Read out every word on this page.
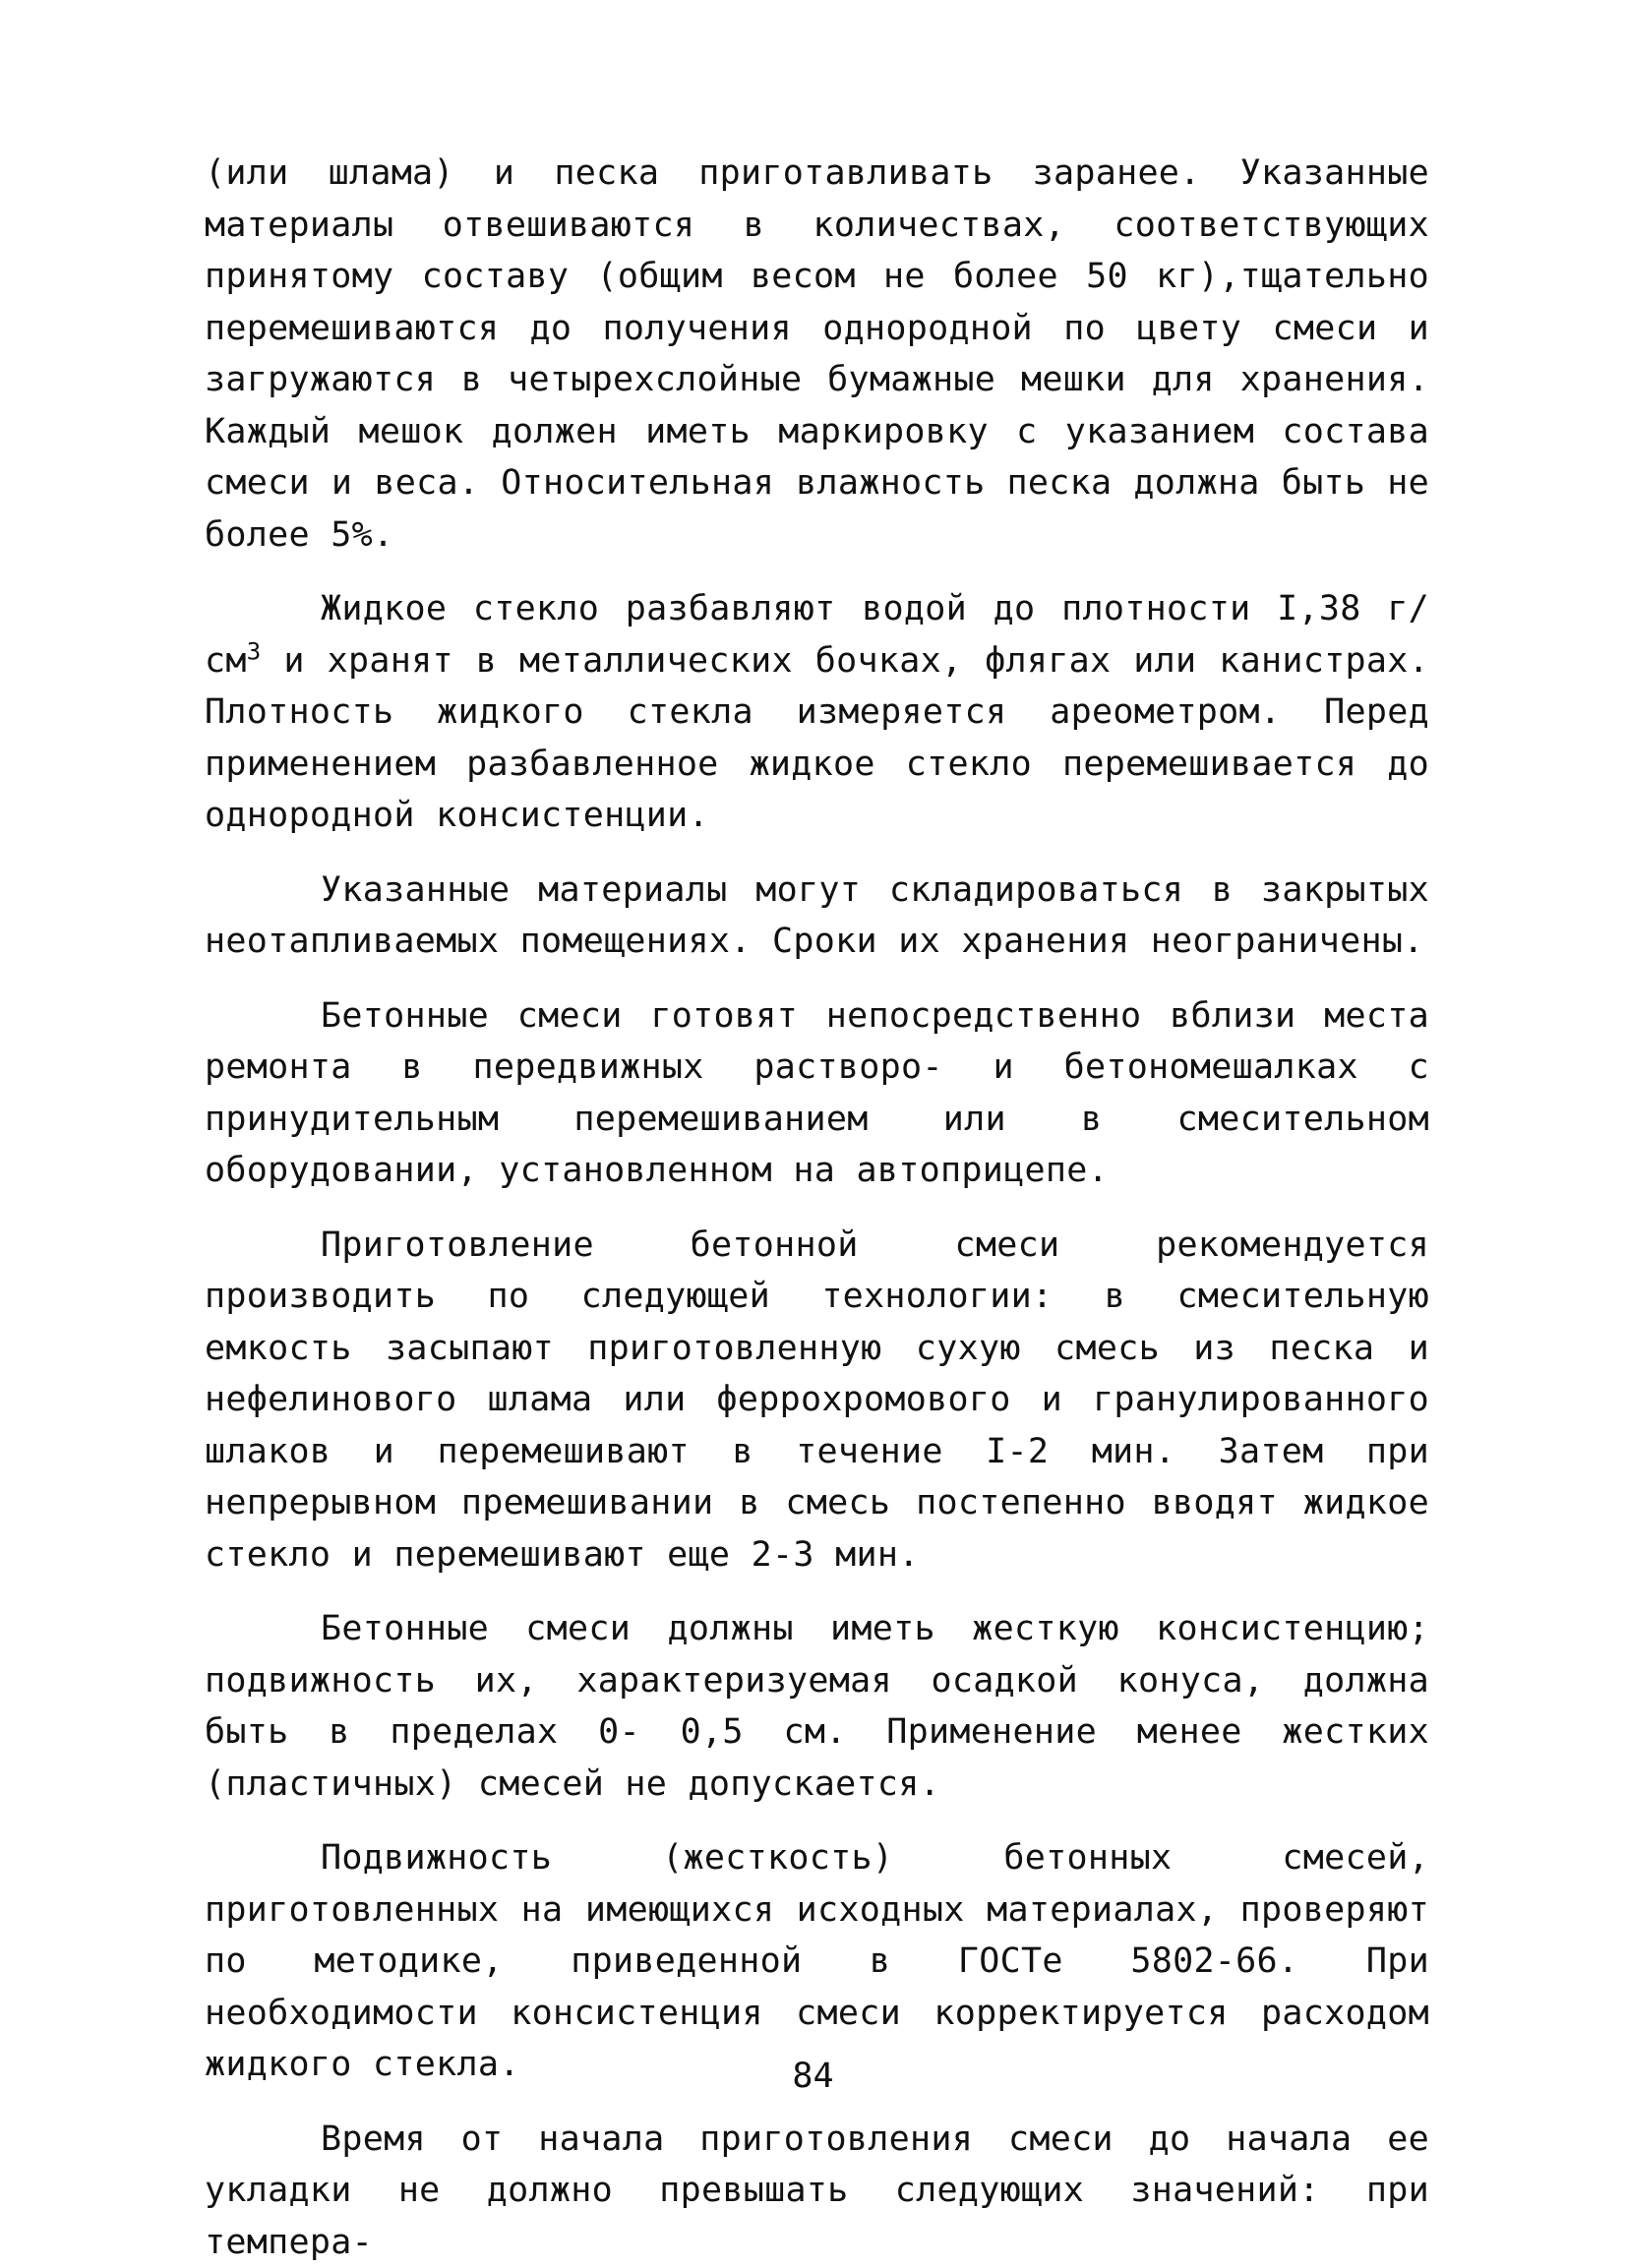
(или шлама) и песка приготавливать заранее. Указанные материалы отвешиваются в количествах, соответствующих принятому составу (общим весом не более 50 кг),тщательно перемешиваются до получения однородной по цвету смеси и загружаются в четырехслойные бумажные мешки для хранения. Каждый мешок должен иметь маркировку с указанием состава смеси и веса. Относительная влажность песка должна быть не более 5%.

Жидкое стекло разбавляют водой до плотности I,38 $г/см^3$ и хранят в металлических бочках, флягах или канистрах. Плотность жидкого стекла измеряется ареометром. Перед применением разбавленное жидкое стекло перемешивается до однородной консистенции.

Указанные материалы могут складироваться в закрытых неотапливаемых помещениях. Сроки их хранения неограничены.

Бетонные смеси готовят непосредственно вблизи места ремонта в передвижных растворо- и бетономешалках с принудительным перемешиванием или в смесительном оборудовании, установленном на автоприцепе.

Приготовление бетонной смеси рекомендуется производить по следующей технологии: в смесительную емкость засыпают приготовленную сухую смесь из песка и нефелинового шлама или феррохромового и гранулированного шлаков и перемешивают в течение I-2 мин. Затем при непрерывном премешивании в смесь постепенно вводят жидкое стекло и перемешивают еще 2-3 мин.

Бетонные смеси должны иметь жесткую консистенцию; подвижность их, характеризуемая осадкой конуса, должна быть в пределах 0- 0,5 см. Применение менее жестких (пластичных) смесей не допускается.

Подвижность (жесткость) бетонных смесей, приготовленных на имеющихся исходных материалах, проверяют по методике, приведенной в ГОСТе 5802-66. При необходимости консистенция смеси корректируется расходом жидкого стекла.

Время от начала приготовления смеси до начала ее укладки не должно превышать следующих значений: при темпера-

84
